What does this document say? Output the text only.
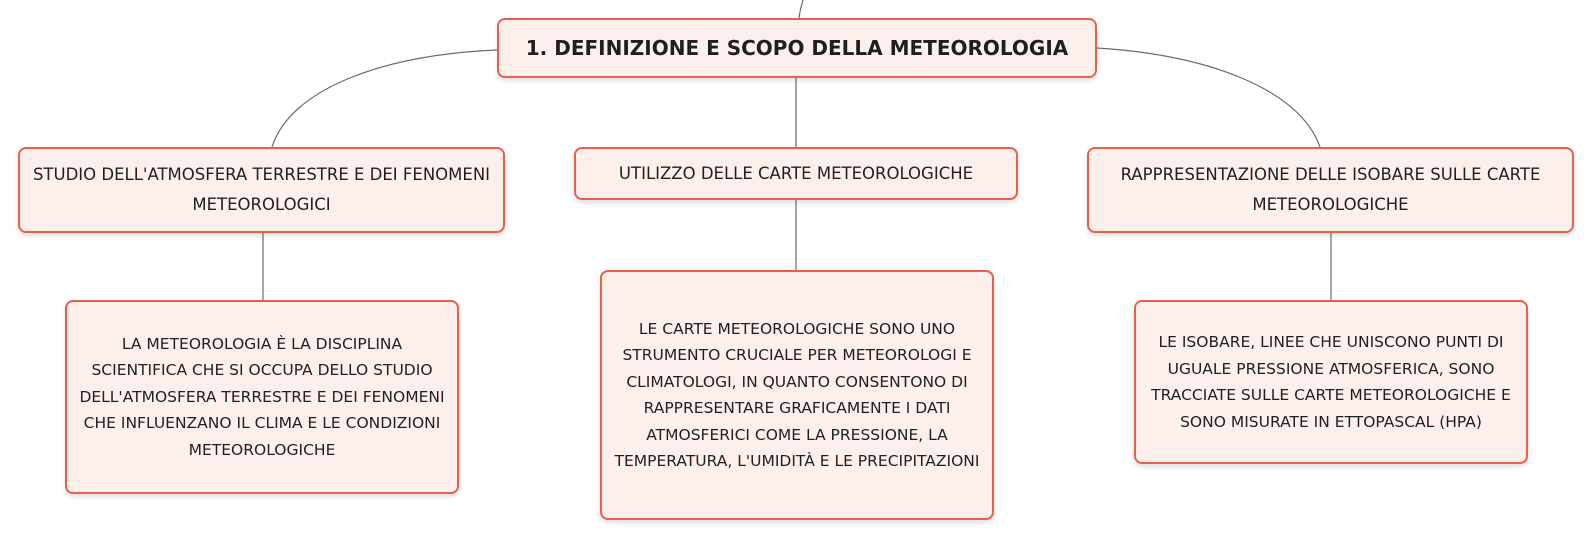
1. DEFINIZIONE E SCOPO DELLA METEOROLOGIA
STUDIO DELL'ATMOSFERA TERRESTRE E DEI FENOMENI METEOROLOGICI
UTILIZZO DELLE CARTE METEOROLOGICHE	RAPPRESENTAZIONE DELLE ISOBARE SULLE CARTE METEOROLOGICHE
LA METEOROLOGIA È LA DISCIPLINA SCIENTIFICA CHE SI OCCUPA DELLO STUDIO DELL'ATMOSFERA TERRESTRE E DEI FENOMENI CHE INFLUENZANO IL CLIMA E LE CONDIZIONI METEOROLOGICHE
LE CARTE METEOROLOGICHE SONO UNO STRUMENTO CRUCIALE PER METEOROLOGI E CLIMATOLOGI, IN QUANTO CONSENTONO DI RAPPRESENTARE GRAFICAMENTE I DATI ATMOSFERICI COME LA PRESSIONE, LA TEMPERATURA, L'UMIDITÀ E LE PRECIPITAZIONI
LE ISOBARE, LINEE CHE UNISCONO PUNTI DI UGUALE PRESSIONE ATMOSFERICA, SONO TRACCIATE SULLE CARTE METEOROLOGICHE E SONO MISURATE IN ETTOPASCAL (HPA)
